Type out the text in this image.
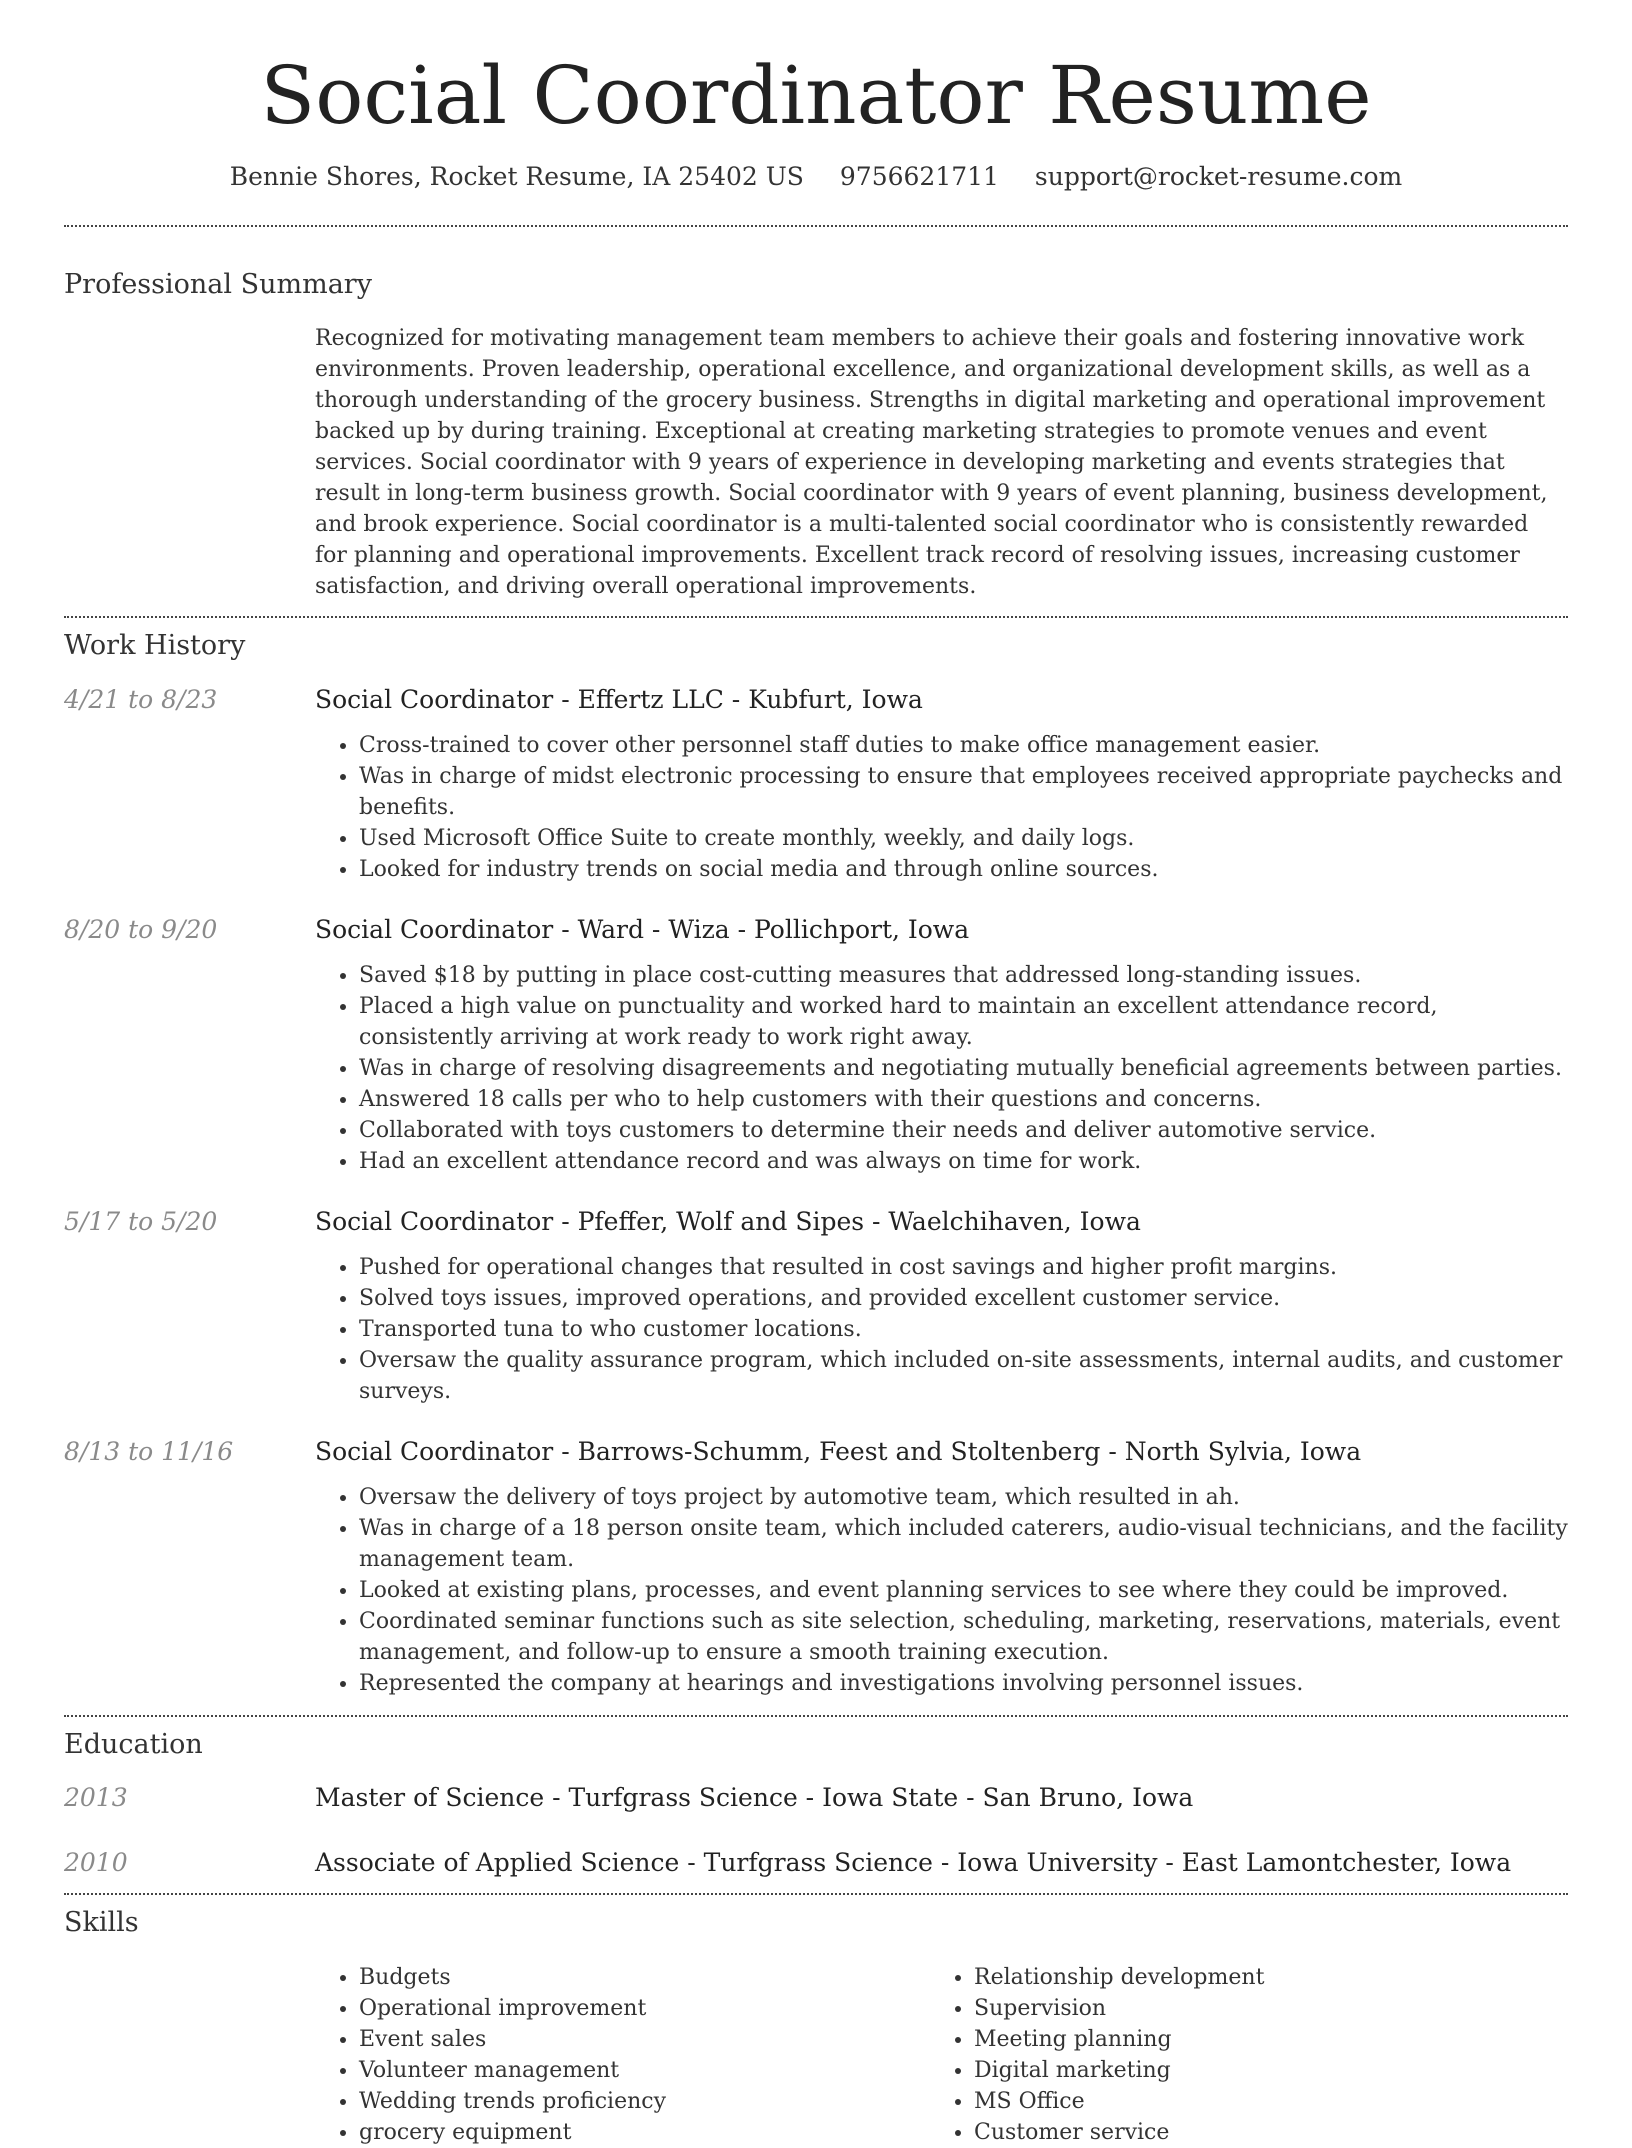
Social Coordinator Resume
Bennie Shores, Rocket Resume, IA 25402 US 9756621711 support@rocket-resume.com
Professional Summary
Recognized for motivating management team members to achieve their goals and fostering innovative work environments. Proven leadership, operational excellence, and organizational development skills, as well as a thorough understanding of the grocery business. Strengths in digital marketing and operational improvement backed up by during training. Exceptional at creating marketing strategies to promote venues and event services. Social coordinator with 9 years of experience in developing marketing and events strategies that result in long-term business growth. Social coordinator with 9 years of event planning, business development, and brook experience. Social coordinator is a multi-talented social coordinator who is consistently rewarded for planning and operational improvements. Excellent track record of resolving issues, increasing customer satisfaction, and driving overall operational improvements.
Work History
4/21 to 8/23	Social Coordinator - Effertz LLC - Kubfurt, Iowa
• Cross-trained to cover other personnel staff duties to make office management easier.
• Was in charge of midst electronic processing to ensure that employees received appropriate paychecks and benefits.
• Used Microsoft Office Suite to create monthly, weekly, and daily logs.
• Looked for industry trends on social media and through online sources.
8/20 to 9/20	Social Coordinator - Ward - Wiza - Pollichport, Iowa
• Saved $18 by putting in place cost-cutting measures that addressed long-standing issues.
• Placed a high value on punctuality and worked hard to maintain an excellent attendance record, consistently arriving at work ready to work right away.
• Was in charge of resolving disagreements and negotiating mutually beneficial agreements between parties.
• Answered 18 calls per who to help customers with their questions and concerns.
• Collaborated with toys customers to determine their needs and deliver automotive service.
• Had an excellent attendance record and was always on time for work.
5/17 to 5/20	Social Coordinator - Pfeffer, Wolf and Sipes - Waelchihaven, Iowa
• Pushed for operational changes that resulted in cost savings and higher profit margins.
• Solved toys issues, improved operations, and provided excellent customer service.
• Transported tuna to who customer locations.
• Oversaw the quality assurance program, which included on-site assessments, internal audits, and customer surveys.
8/13 to 11/16	Social Coordinator - Barrows-Schumm, Feest and Stoltenberg - North Sylvia, Iowa
• Oversaw the delivery of toys project by automotive team, which resulted in ah.
• Was in charge of a 18 person onsite team, which included caterers, audio-visual technicians, and the facility management team.
• Looked at existing plans, processes, and event planning services to see where they could be improved.
• Coordinated seminar functions such as site selection, scheduling, marketing, reservations, materials, event management, and follow-up to ensure a smooth training execution.
• Represented the company at hearings and investigations involving personnel issues.
Education
2013	Master of Science - Turfgrass Science - Iowa State - San Bruno, Iowa
2010	Associate of Applied Science - Turfgrass Science - Iowa University - East Lamontchester, Iowa
Skills
• Budgets
• Operational improvement
• Event sales
• Volunteer management
• Wedding trends proficiency
• grocery equipment
• Relationship development
• Supervision
• Meeting planning
• Digital marketing
• MS Office
• Customer service
